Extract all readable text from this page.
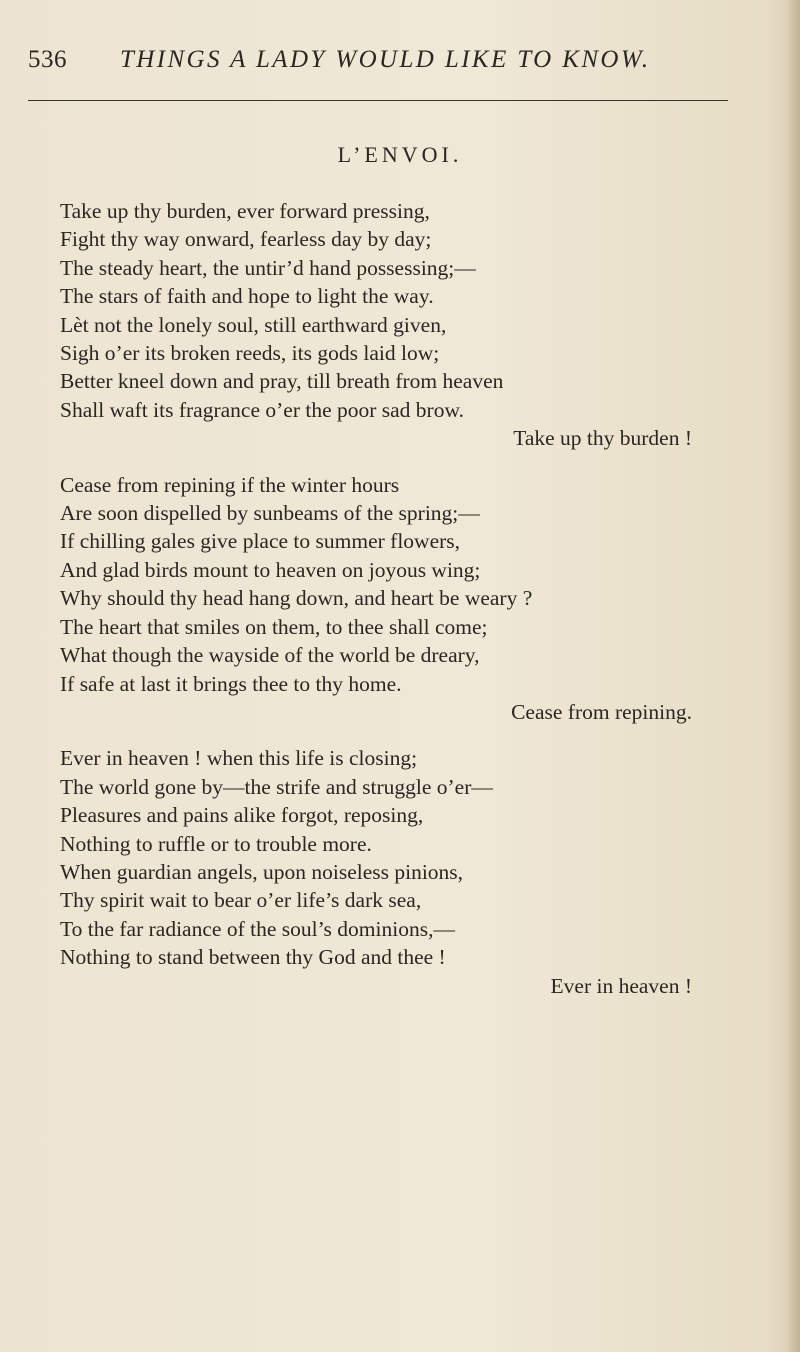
536 THINGS A LADY WOULD LIKE TO KNOW.
L’ENVOI.
Take up thy burden, ever forward pressing,
Fight thy way onward, fearless day by day;
The steady heart, the untir’d hand possessing;—
The stars of faith and hope to light the way.
Lèt not the lonely soul, still earthward given,
Sigh o’er its broken reeds, its gods laid low;
Better kneel down and pray, till breath from heaven
Shall waft its fragrance o’er the poor sad brow.
Take up thy burden !
Cease from repining if the winter hours
Are soon dispelled by sunbeams of the spring;—
If chilling gales give place to summer flowers,
And glad birds mount to heaven on joyous wing;
Why should thy head hang down, and heart be weary ?
The heart that smiles on them, to thee shall come;
What though the wayside of the world be dreary,
If safe at last it brings thee to thy home.
Cease from repining.
Ever in heaven ! when this life is closing;
The world gone by—the strife and struggle o’er—
Pleasures and pains alike forgot, reposing,
Nothing to ruffle or to trouble more.
When guardian angels, upon noiseless pinions,
Thy spirit wait to bear o’er life’s dark sea,
To the far radiance of the soul’s dominions,—
Nothing to stand between thy God and thee !
Ever in heaven !
